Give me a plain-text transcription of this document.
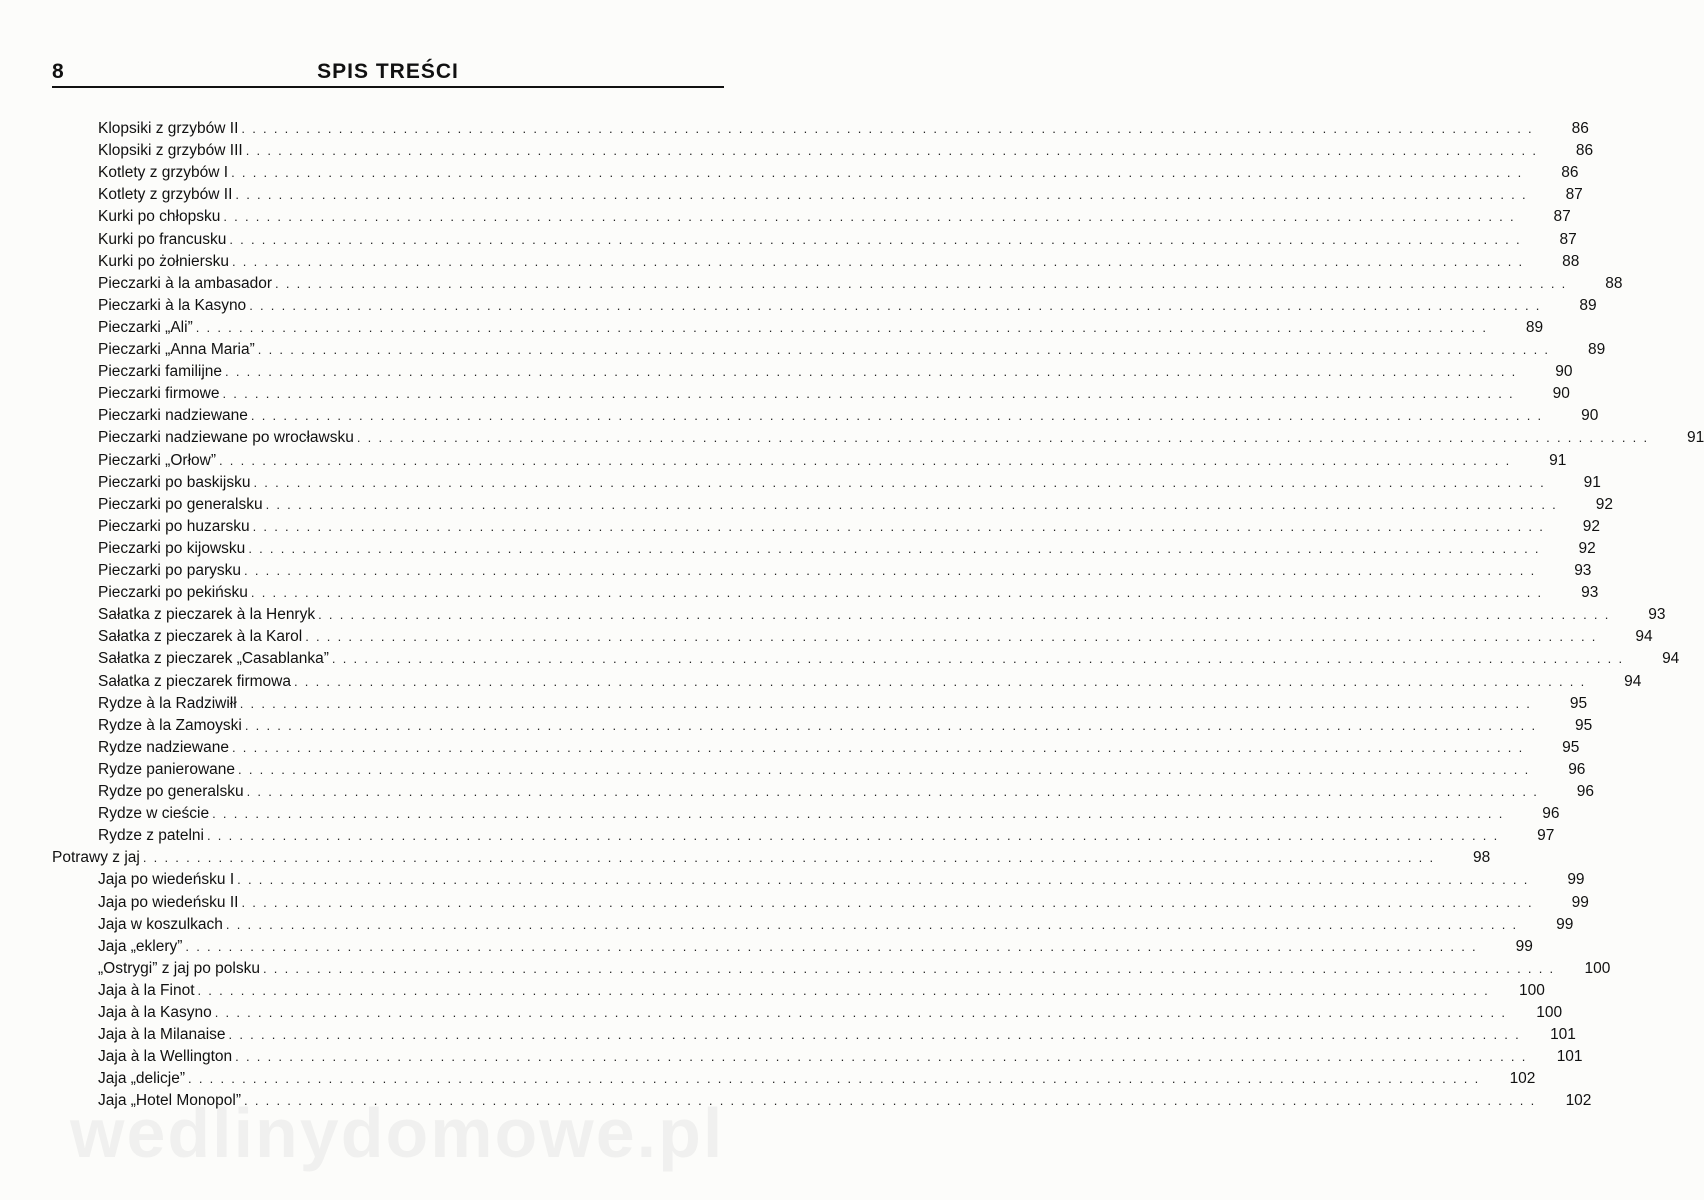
8	SPIS TREŚCI
Klopsiki z grzybów II ........................................................................................................................	86
Klopsiki z grzybów III ........................................................................................................................	86
Kotlety z grzybów I ........................................................................................................................	86
Kotlety z grzybów II ........................................................................................................................	87
Kurki po chłopsku ........................................................................................................................	87
Kurki po francusku ........................................................................................................................	87
Kurki po żołniersku ........................................................................................................................	88
Pieczarki à la ambasador ........................................................................................................................	88
Pieczarki à la Kasyno ........................................................................................................................	89
Pieczarki „Ali” ........................................................................................................................	89
Pieczarki „Anna Maria” ........................................................................................................................	89
Pieczarki familijne ........................................................................................................................	90
Pieczarki firmowe ........................................................................................................................	90
Pieczarki nadziewane ........................................................................................................................	90
Pieczarki nadziewane po wrocławsku ........................................................................................................................	91
Pieczarki „Orłow” ........................................................................................................................	91
Pieczarki po baskijsku ........................................................................................................................	91
Pieczarki po generalsku ........................................................................................................................	92
Pieczarki po huzarsku ........................................................................................................................	92
Pieczarki po kijowsku ........................................................................................................................	92
Pieczarki po parysku ........................................................................................................................	93
Pieczarki po pekińsku ........................................................................................................................	93
Sałatka z pieczarek à la Henryk ........................................................................................................................	93
Sałatka z pieczarek à la Karol ........................................................................................................................	94
Sałatka z pieczarek „Casablanka” ........................................................................................................................	94
Sałatka z pieczarek firmowa ........................................................................................................................	94
Rydze à la Radziwiłł ........................................................................................................................	95
Rydze à la Zamoyski ........................................................................................................................	95
Rydze nadziewane ........................................................................................................................	95
Rydze panierowane ........................................................................................................................	96
Rydze po generalsku ........................................................................................................................	96
Rydze w cieście ........................................................................................................................	96
Rydze z patelni ........................................................................................................................	97
Potrawy z jaj ........................................................................................................................	98
Jaja po wiedeńsku I ........................................................................................................................	99
Jaja po wiedeńsku II ........................................................................................................................	99
Jaja w koszulkach ........................................................................................................................	99
Jaja „eklery” ........................................................................................................................	99
„Ostrygi” z jaj po polsku ........................................................................................................................	100
Jaja à la Finot ........................................................................................................................	100
Jaja à la Kasyno ........................................................................................................................	100
Jaja à la Milanaise ........................................................................................................................	101
Jaja à la Wellington ........................................................................................................................	101
Jaja „delicje” ........................................................................................................................	102
Jaja „Hotel Monopol” ........................................................................................................................	102
